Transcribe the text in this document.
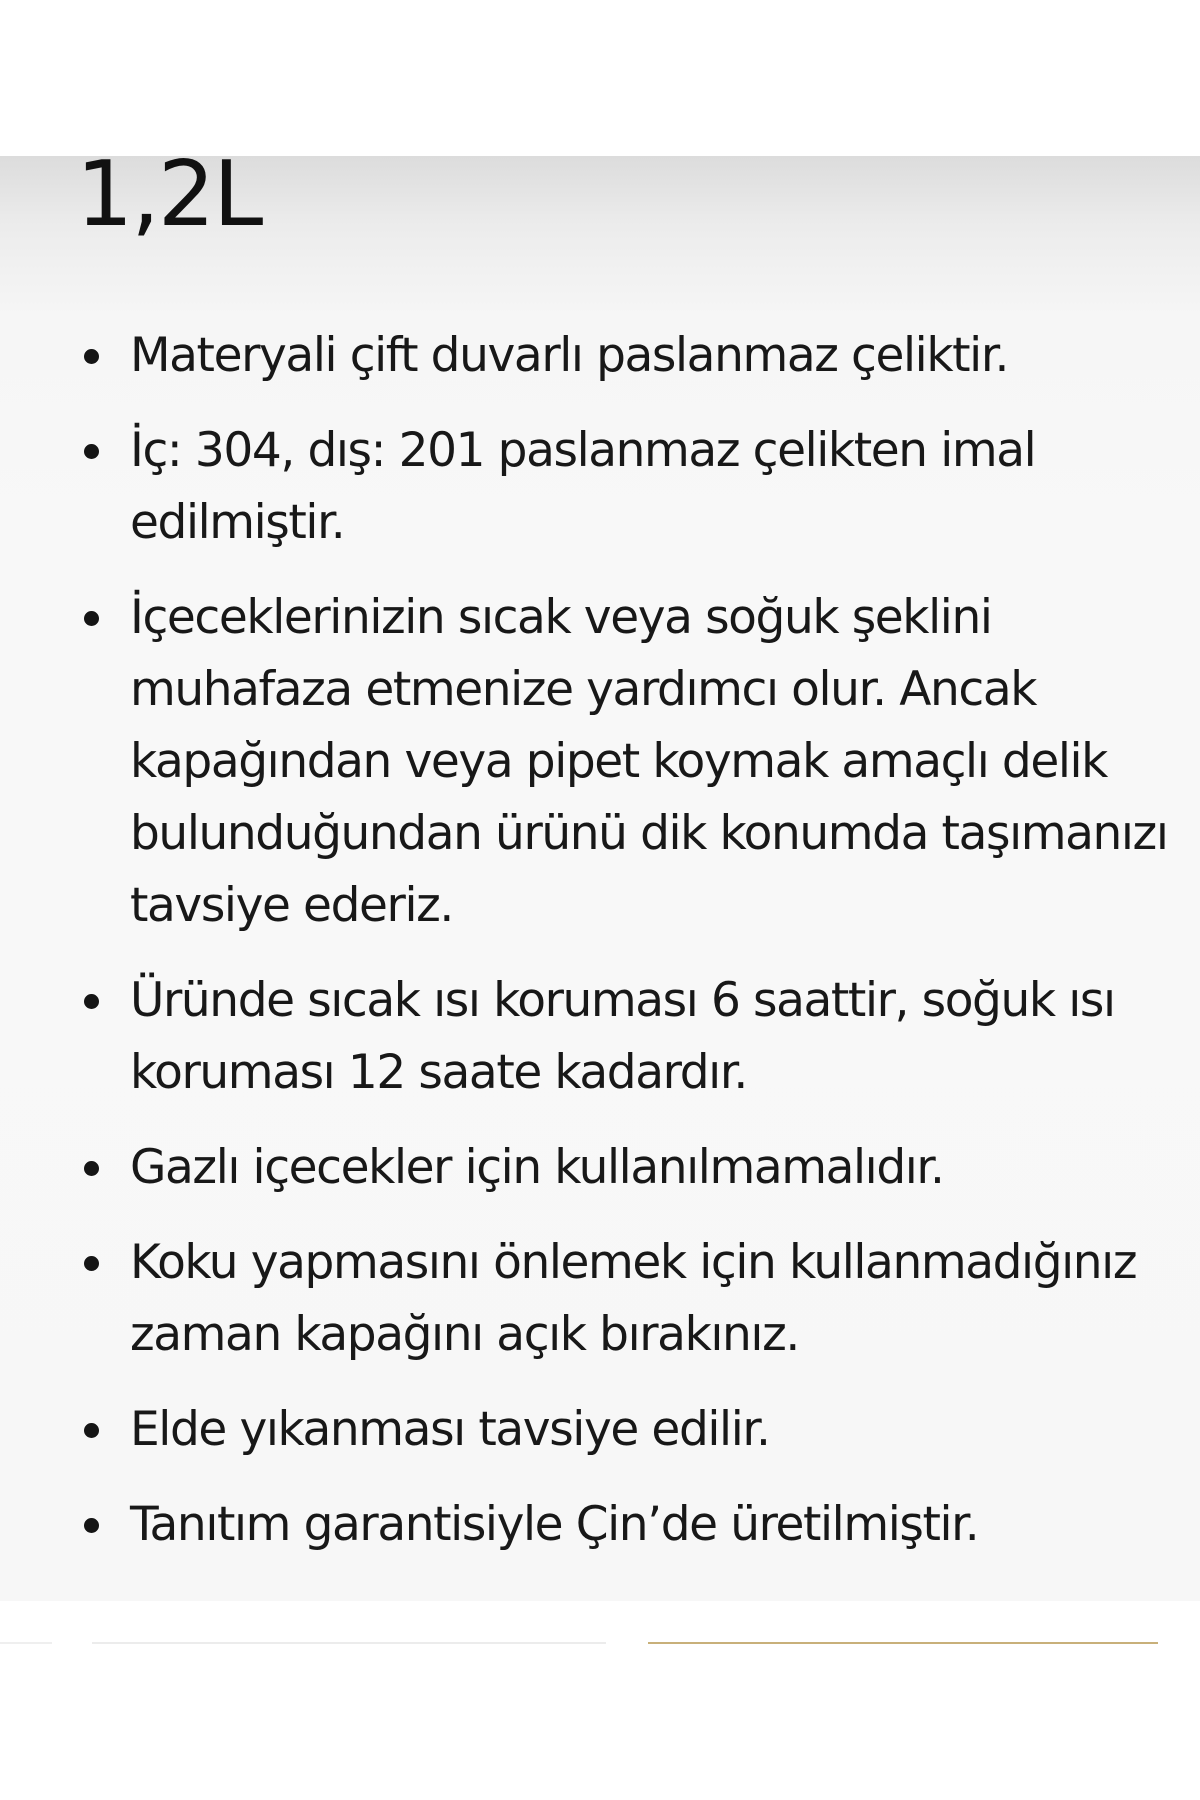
1,2L
Materyali çift duvarlı paslanmaz çeliktir.
İç: 304, dış: 201 paslanmaz çelikten imal edilmiştir.
İçeceklerinizin sıcak veya soğuk şeklini muhafaza etmenize yardımcı olur. Ancak kapağından veya pipet koymak amaçlı delik bulunduğundan ürünü dik konumda taşımanızı tavsiye ederiz.
Üründe sıcak ısı koruması 6 saattir, soğuk ısı koruması 12 saate kadardır.
Gazlı içecekler için kullanılmamalıdır.
Koku yapmasını önlemek için kullanmadığınız zaman kapağını açık bırakınız.
Elde yıkanması tavsiye edilir.
Tanıtım garantisiyle Çin’de üretilmiştir.
